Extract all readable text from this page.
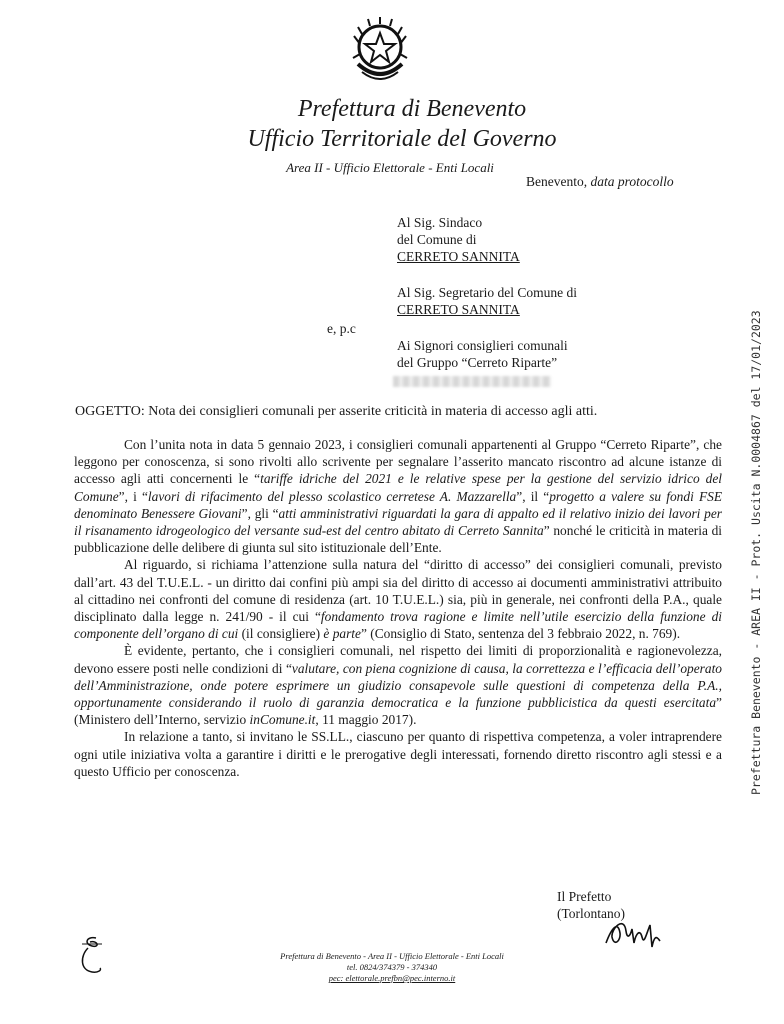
Prefettura di Benevento
Ufficio Territoriale del Governo
Area II - Ufficio Elettorale - Enti Locali
Benevento, data protocollo
Al Sig. Sindaco
del Comune di
CERRETO SANNITA
Al Sig. Segretario del Comune di
CERRETO SANNITA
e, p.c
Ai Signori consiglieri comunali
del Gruppo “Cerreto Riparte”
OGGETTO: Nota dei consiglieri comunali per asserite criticità in materia di accesso agli atti.

Con l’unita nota in data 5 gennaio 2023, i consiglieri comunali appartenenti al Gruppo “Cerreto Riparte”, che leggono per conoscenza, si sono rivolti allo scrivente per segnalare l’asserito mancato riscontro ad alcune istanze di accesso agli atti concernenti le “tariffe idriche del 2021 e le relative spese per la gestione del servizio idrico del Comune”, i “lavori di rifacimento del plesso scolastico cerretese A. Mazzarella”, il “progetto a valere su fondi FSE denominato Benessere Giovani”, gli “atti amministrativi riguardati la gara di appalto ed il relativo inizio dei lavori per il risanamento idrogeologico del versante sud-est del centro abitato di Cerreto Sannita” nonché le criticità in materia di pubblicazione delle delibere di giunta sul sito istituzionale dell’Ente.

Al riguardo, si richiama l’attenzione sulla natura del “diritto di accesso” dei consiglieri comunali, previsto dall’art. 43 del T.U.E.L. - un diritto dai confini più ampi sia del diritto di accesso ai documenti amministrativi attribuito al cittadino nei confronti del comune di residenza (art. 10 T.U.E.L.) sia, più in generale, nei confronti della P.A., quale disciplinato dalla legge n. 241/90 - il cui “fondamento trova ragione e limite nell’utile esercizio della funzione di componente dell’organo di cui (il consigliere) è parte” (Consiglio di Stato, sentenza del 3 febbraio 2022, n. 769).

È evidente, pertanto, che i consiglieri comunali, nel rispetto dei limiti di proporzionalità e ragionevolezza, devono essere posti nelle condizioni di “valutare, con piena cognizione di causa, la correttezza e l’efficacia dell’operato dell’Amministrazione, onde potere esprimere un giudizio consapevole sulle questioni di competenza della P.A., opportunamente considerando il ruolo di garanzia democratica e la funzione pubblicistica da questi esercitata” (Ministero dell’Interno, servizio inComune.it, 11 maggio 2017).

In relazione a tanto, si invitano le SS.LL., ciascuno per quanto di rispettiva competenza, a voler intraprendere ogni utile iniziativa volta a garantire i diritti e le prerogative degli interessati, fornendo diretto riscontro agli stessi e a questo Ufficio per conoscenza.

Il Prefetto
(Torlontano)
Prefettura di Benevento - Area II - Ufficio Elettorale - Enti Locali
tel. 0824/374379 - 374340
pec: elettorale.prefbn@pec.interno.it
Prefettura Benevento - AREA II - Prot. Uscita N.0004867 del 17/01/2023
